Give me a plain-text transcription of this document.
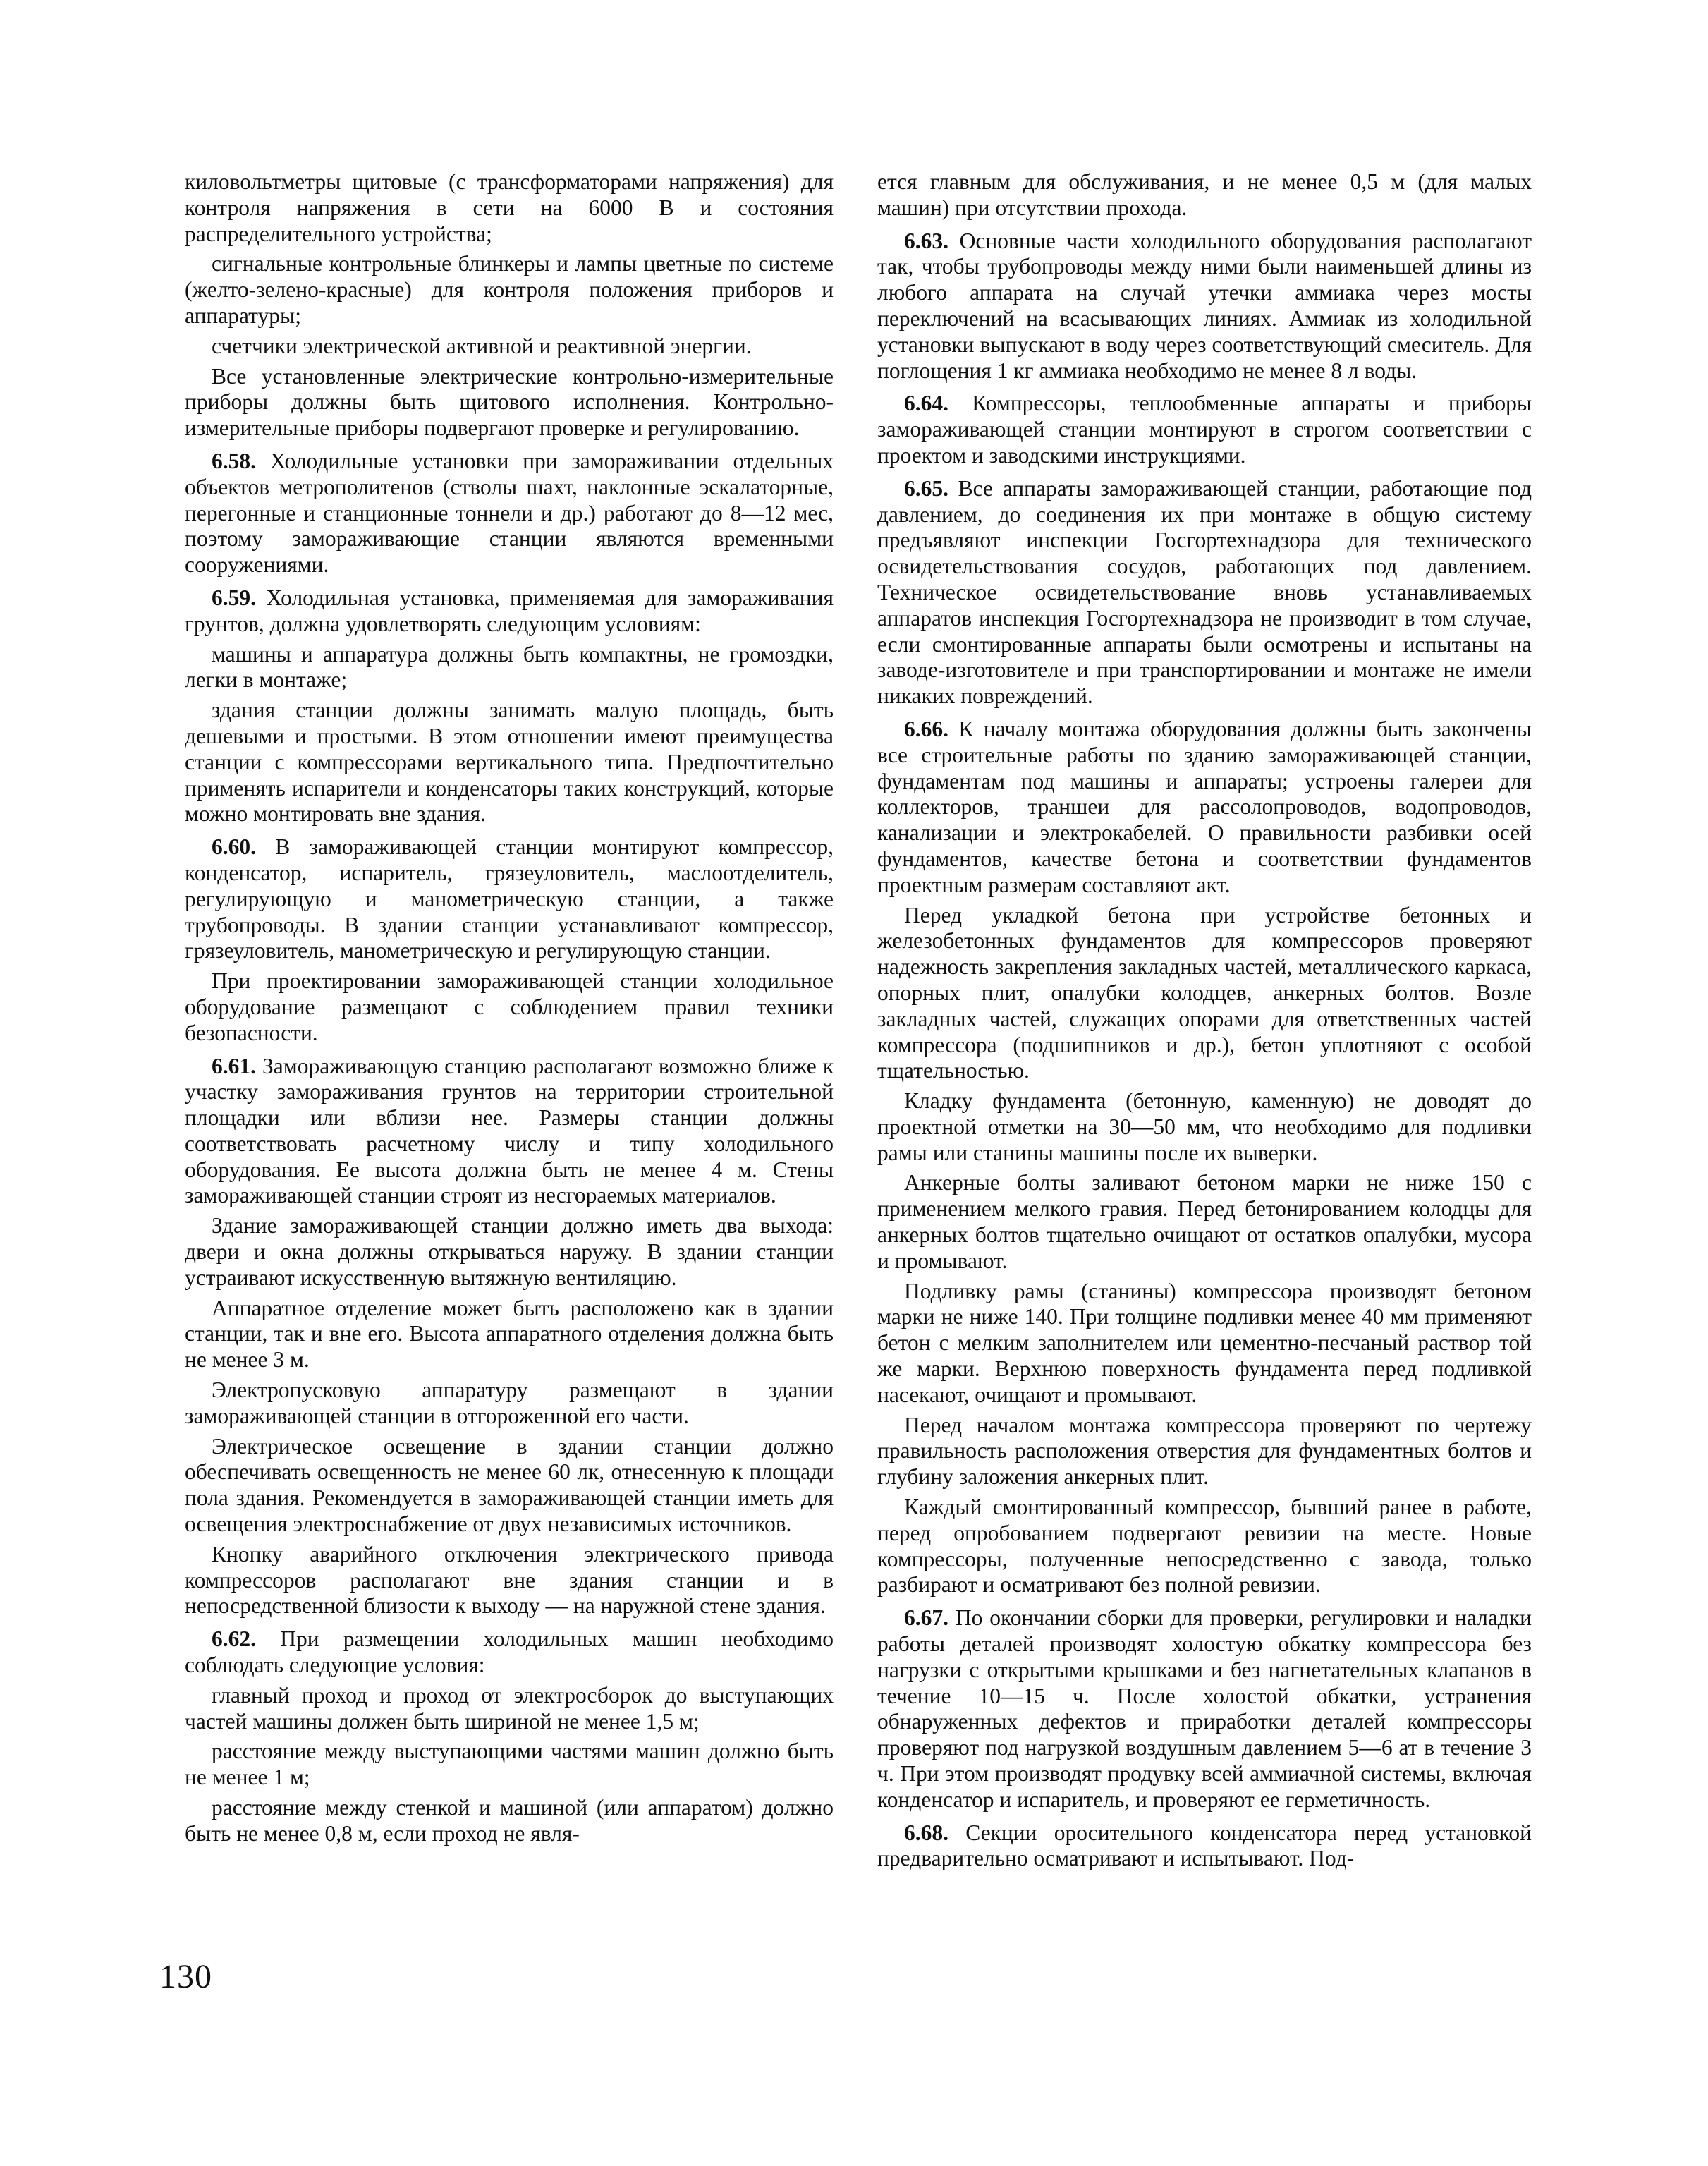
киловольтметры щитовые (с трансформаторами напряжения) для контроля напряжения в сети на 6000 В и состояния распределительного устройства;

сигнальные контрольные блинкеры и лампы цветные по системе (желто-зелено-красные) для контроля положения приборов и аппаратуры;

счетчики электрической активной и реактивной энергии.

Все установленные электрические контрольно-измерительные приборы должны быть щитового исполнения. Контрольно-измерительные приборы подвергают проверке и регулированию.

6.58. Холодильные установки при замораживании отдельных объектов метрополитенов (стволы шахт, наклонные эскалаторные, перегонные и станционные тоннели и др.) работают до 8—12 мес, поэтому замораживающие станции являются временными сооружениями.

6.59. Холодильная установка, применяемая для замораживания грунтов, должна удовлетворять следующим условиям:

машины и аппаратура должны быть компактны, не громоздки, легки в монтаже;

здания станции должны занимать малую площадь, быть дешевыми и простыми. В этом отношении имеют преимущества станции с компрессорами вертикального типа. Предпочтительно применять испарители и конденсаторы таких конструкций, которые можно монтировать вне здания.

6.60. В замораживающей станции монтируют компрессор, конденсатор, испаритель, грязеуловитель, маслоотделитель, регулирующую и манометрическую станции, а также трубопроводы. В здании станции устанавливают компрессор, грязеуловитель, манометрическую и регулирующую станции.

При проектировании замораживающей станции холодильное оборудование размещают с соблюдением правил техники безопасности.

6.61. Замораживающую станцию располагают возможно ближе к участку замораживания грунтов на территории строительной площадки или вблизи нее. Размеры станции должны соответствовать расчетному числу и типу холодильного оборудования. Ее высота должна быть не менее 4 м. Стены замораживающей станции строят из несгораемых материалов.

Здание замораживающей станции должно иметь два выхода: двери и окна должны открываться наружу. В здании станции устраивают искусственную вытяжную вентиляцию.

Аппаратное отделение может быть расположено как в здании станции, так и вне его. Высота аппаратного отделения должна быть не менее 3 м.

Электропусковую аппаратуру размещают в здании замораживающей станции в отгороженной его части.

Электрическое освещение в здании станции должно обеспечивать освещенность не менее 60 лк, отнесенную к площади пола здания. Рекомендуется в замораживающей станции иметь для освещения электроснабжение от двух независимых источников.

Кнопку аварийного отключения электрического привода компрессоров располагают вне здания станции и в непосредственной близости к выходу — на наружной стене здания.

6.62. При размещении холодильных машин необходимо соблюдать следующие условия:

главный проход и проход от электросборок до выступающих частей машины должен быть шириной не менее 1,5 м;

расстояние между выступающими частями машин должно быть не менее 1 м;

расстояние между стенкой и машиной (или аппаратом) должно быть не менее 0,8 м, если проход не явля-

ется главным для обслуживания, и не менее 0,5 м (для малых машин) при отсутствии прохода.

6.63. Основные части холодильного оборудования располагают так, чтобы трубопроводы между ними были наименьшей длины из любого аппарата на случай утечки аммиака через мосты переключений на всасывающих линиях. Аммиак из холодильной установки выпускают в воду через соответствующий смеситель. Для поглощения 1 кг аммиака необходимо не менее 8 л воды.

6.64. Компрессоры, теплообменные аппараты и приборы замораживающей станции монтируют в строгом соответствии с проектом и заводскими инструкциями.

6.65. Все аппараты замораживающей станции, работающие под давлением, до соединения их при монтаже в общую систему предъявляют инспекции Госгортехнадзора для технического освидетельствования сосудов, работающих под давлением. Техническое освидетельствование вновь устанавливаемых аппаратов инспекция Госгортехнадзора не производит в том случае, если смонтированные аппараты были осмотрены и испытаны на заводе-изготовителе и при транспортировании и монтаже не имели никаких повреждений.

6.66. К началу монтажа оборудования должны быть закончены все строительные работы по зданию замораживающей станции, фундаментам под машины и аппараты; устроены галереи для коллекторов, траншеи для рассолопроводов, водопроводов, канализации и электрокабелей. О правильности разбивки осей фундаментов, качестве бетона и соответствии фундаментов проектным размерам составляют акт.

Перед укладкой бетона при устройстве бетонных и железобетонных фундаментов для компрессоров проверяют надежность закрепления закладных частей, металлического каркаса, опорных плит, опалубки колодцев, анкерных болтов. Возле закладных частей, служащих опорами для ответственных частей компрессора (подшипников и др.), бетон уплотняют с особой тщательностью.

Кладку фундамента (бетонную, каменную) не доводят до проектной отметки на 30—50 мм, что необходимо для подливки рамы или станины машины после их выверки.

Анкерные болты заливают бетоном марки не ниже 150 с применением мелкого гравия. Перед бетонированием колодцы для анкерных болтов тщательно очищают от остатков опалубки, мусора и промывают.

Подливку рамы (станины) компрессора производят бетоном марки не ниже 140. При толщине подливки менее 40 мм применяют бетон с мелким заполнителем или цементно-песчаный раствор той же марки. Верхнюю поверхность фундамента перед подливкой насекают, очищают и промывают.

Перед началом монтажа компрессора проверяют по чертежу правильность расположения отверстия для фундаментных болтов и глубину заложения анкерных плит.

Каждый смонтированный компрессор, бывший ранее в работе, перед опробованием подвергают ревизии на месте. Новые компрессоры, полученные непосредственно с завода, только разбирают и осматривают без полной ревизии.

6.67. По окончании сборки для проверки, регулировки и наладки работы деталей производят холостую обкатку компрессора без нагрузки с открытыми крышками и без нагнетательных клапанов в течение 10—15 ч. После холостой обкатки, устранения обнаруженных дефектов и приработки деталей компрессоры проверяют под нагрузкой воздушным давлением 5—6 ат в течение 3 ч. При этом производят продувку всей аммиачной системы, включая конденсатор и испаритель, и проверяют ее герметичность.

6.68. Секции оросительного конденсатора перед установкой предварительно осматривают и испытывают. Под-

130
